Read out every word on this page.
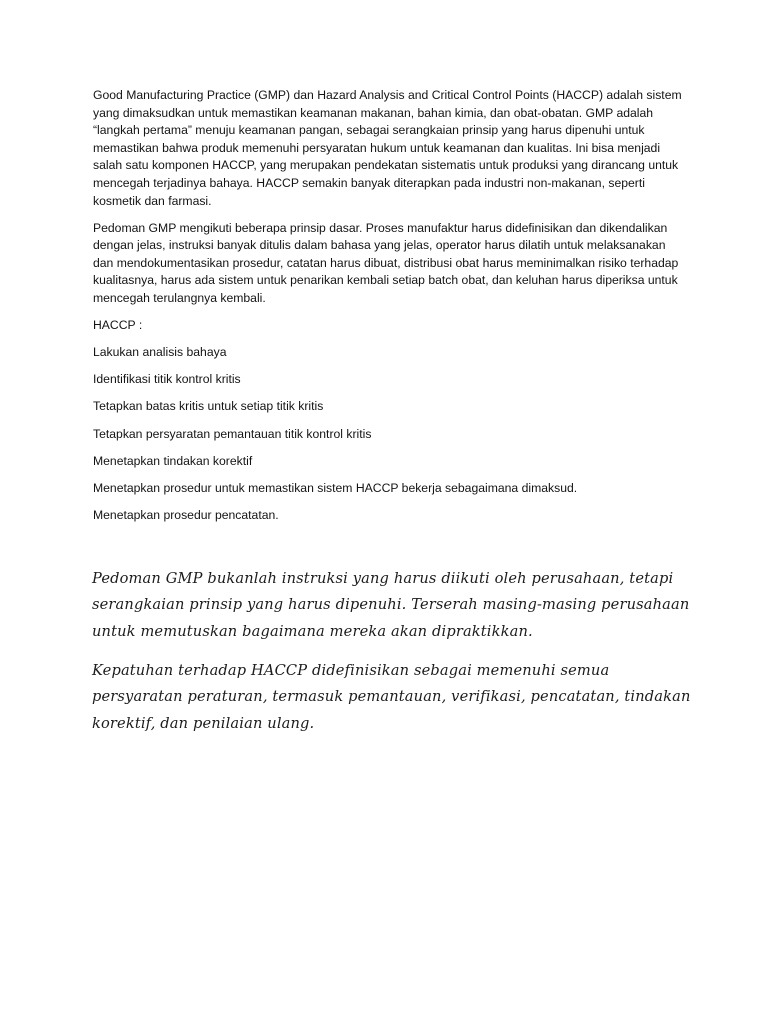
Good Manufacturing Practice (GMP) dan Hazard Analysis and Critical Control Points (HACCP) adalah sistem yang dimaksudkan untuk memastikan keamanan makanan, bahan kimia, dan obat-obatan. GMP adalah “langkah pertama” menuju keamanan pangan, sebagai serangkaian prinsip yang harus dipenuhi untuk memastikan bahwa produk memenuhi persyaratan hukum untuk keamanan dan kualitas. Ini bisa menjadi salah satu komponen HACCP, yang merupakan pendekatan sistematis untuk produksi yang dirancang untuk mencegah terjadinya bahaya. HACCP semakin banyak diterapkan pada industri non-makanan, seperti kosmetik dan farmasi.

Pedoman GMP mengikuti beberapa prinsip dasar. Proses manufaktur harus didefinisikan dan dikendalikan dengan jelas, instruksi banyak ditulis dalam bahasa yang jelas, operator harus dilatih untuk melaksanakan dan mendokumentasikan prosedur, catatan harus dibuat, distribusi obat harus meminimalkan risiko terhadap kualitasnya, harus ada sistem untuk penarikan kembali setiap batch obat, dan keluhan harus diperiksa untuk mencegah terulangnya kembali.

HACCP :

Lakukan analisis bahaya

Identifikasi titik kontrol kritis

Tetapkan batas kritis untuk setiap titik kritis

Tetapkan persyaratan pemantauan titik kontrol kritis

Menetapkan tindakan korektif

Menetapkan prosedur untuk memastikan sistem HACCP bekerja sebagaimana dimaksud.

Menetapkan prosedur pencatatan.

Pedoman GMP bukanlah instruksi yang harus diikuti oleh perusahaan, tetapi serangkaian prinsip yang harus dipenuhi. Terserah masing-masing perusahaan untuk memutuskan bagaimana mereka akan dipraktikkan.

Kepatuhan terhadap HACCP didefinisikan sebagai memenuhi semua persyaratan peraturan, termasuk pemantauan, verifikasi, pencatatan, tindakan korektif, dan penilaian ulang.
